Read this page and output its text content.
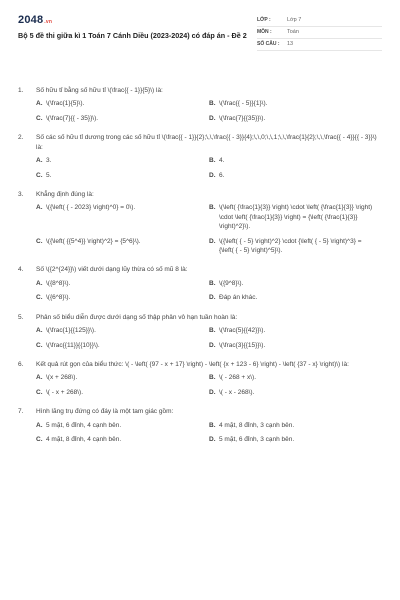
2048.vn
Bộ 5 đề thi giữa kì 1 Toán 7 Cánh Diều (2023-2024) có đáp án - Đề 2
LỚP :	Lớp 7
MÔN :	Toán
SỐ CÂU :	13
1.	Số hữu tỉ bằng số hữu tỉ \(\frac{{ - 1}}{5}\) là:
A. \(\frac{1}{5}\).	B. \(\frac{{ - 5}}{1}\).
C. \(\frac{7}{{ - 35}}\).	D. \(\frac{7}{{35}}\).
2.	Số các số hữu tỉ dương trong các số hữu tỉ \(\frac{{ - 1}}{2};\,\,\frac{{ - 3}}{4};\,\,0;\,\,1;\,\,\frac{1}{2};\,\,\frac{{ - 4}}{{ - 3}}\) là:
A. 3.	B. 4.
C. 5.	D. 6.
3.	Khẳng định đúng là:
A. \({\left( { - 2023} \right)^0} = 0\).	B. \(\left( {\frac{1}{3}} \right) \cdot \left( {\frac{1}{3}} \right) \cdot \left( {\frac{1}{3}} \right) = {\left( {\frac{1}{3}} \right)^2}\).
C. \({\left( {{5^4}} \right)^2} = {5^6}\).	D. \({\left( { - 5} \right)^2} \cdot {\left( { - 5} \right)^3} = {\left( { - 5} \right)^5}\).
4.	Số \({2^{24}}\) viết dưới dạng lũy thừa có số mũ 8 là:
A. \({8^8}\).	B. \({9^8}\).
C. \({6^8}\).	D. Đáp án khác.
5.	Phân số biểu diễn được dưới dạng số thập phân vô hạn tuần hoàn là:
A. \(\frac{1}{{125}}\).	B. \(\frac{5}{{42}}\).
C. \(\frac{{11}}{{10}}\).	D. \(\frac{3}{{15}}\).
6.	Kết quả rút gọn của biểu thức: \( - \left( {97 - x + 17} \right) - \left( {x + 123 - 6} \right) - \left( {37 - x} \right)\) là:
A. \(x + 268\).	B. \( - 268 + x\).
C. \( - x + 268\).	D. \( - x - 268\).
7.	Hình lăng trụ đứng có đáy là một tam giác gồm:
A. 5 mặt, 6 đỉnh, 4 cạnh bên.	B. 4 mặt, 8 đỉnh, 3 cạnh bên.
C. 4 mặt, 8 đỉnh, 4 cạnh bên.	D. 5 mặt, 6 đỉnh, 3 cạnh bên.
